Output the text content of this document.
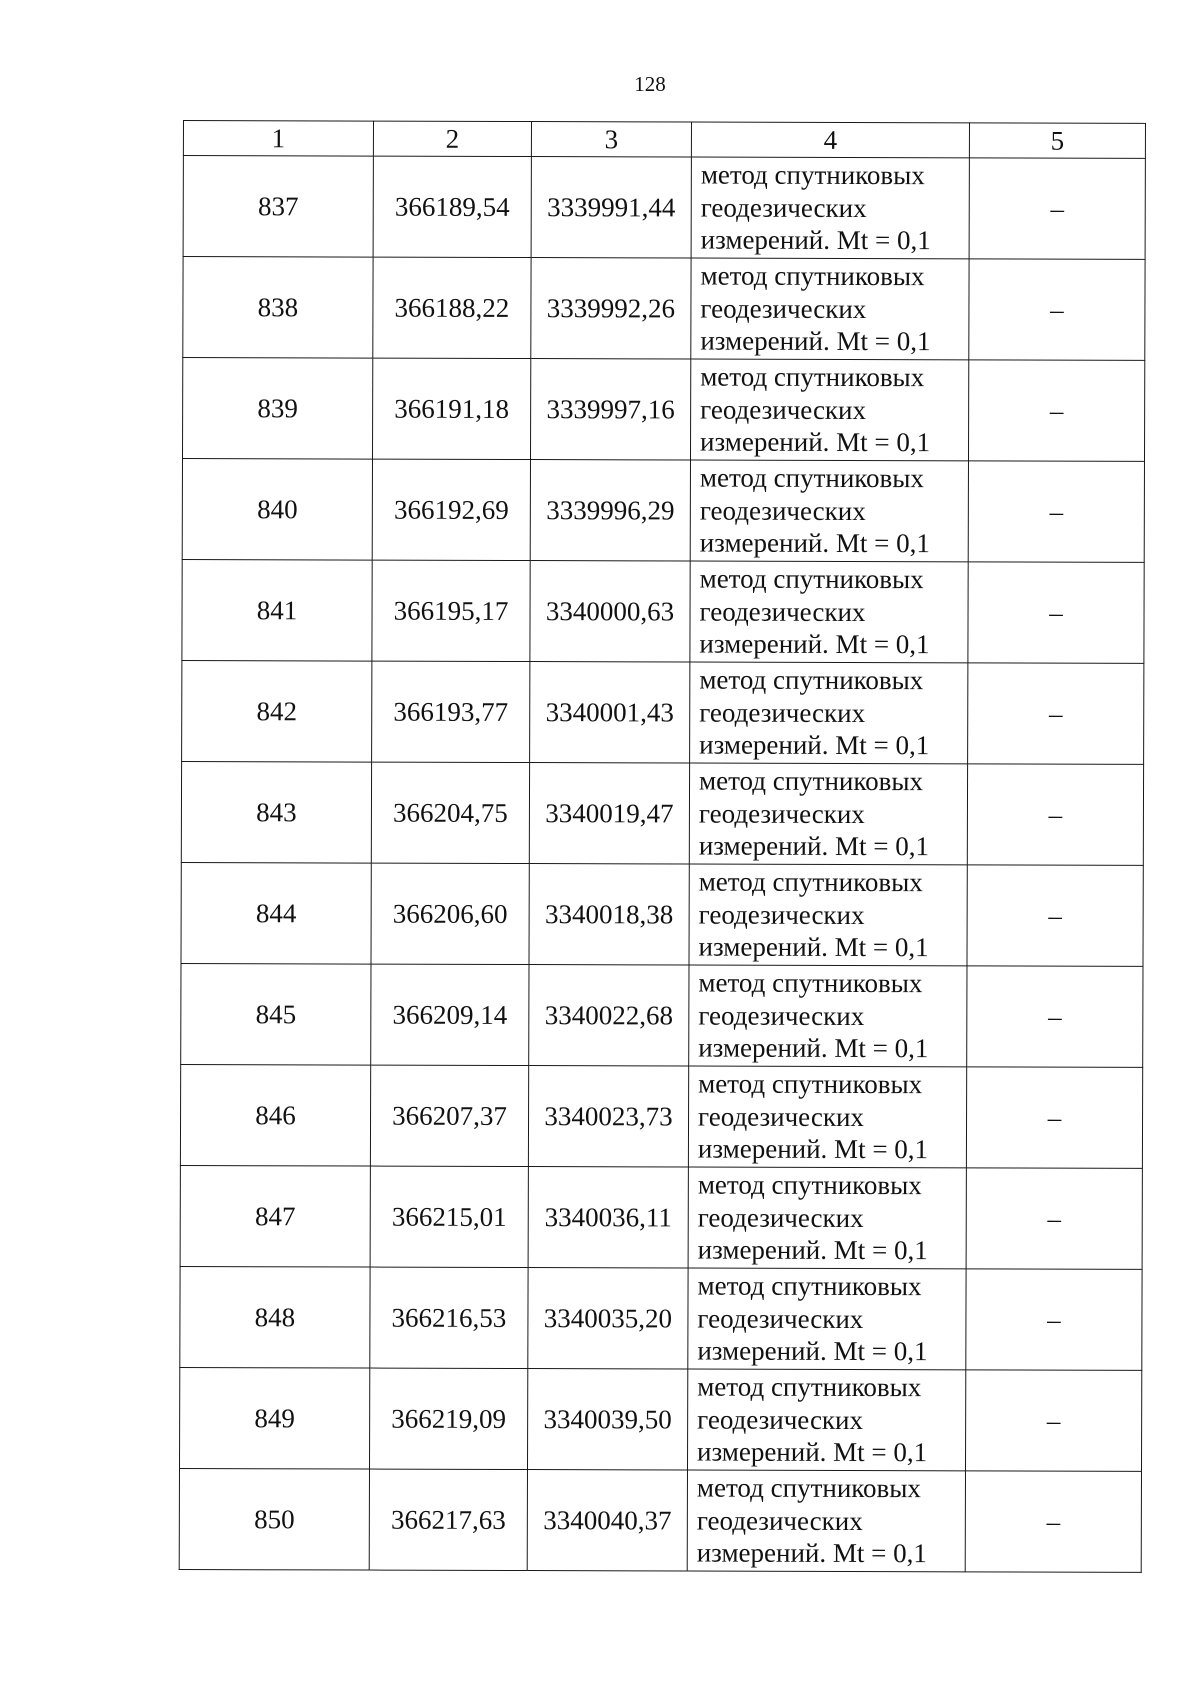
128
1	2	3	4	5
837	366189,54	3339991,44	метод спутниковых
геодезических
измерений. Mt = 0,1	–
838	366188,22	3339992,26	метод спутниковых
геодезических
измерений. Mt = 0,1	–
839	366191,18	3339997,16	метод спутниковых
геодезических
измерений. Mt = 0,1	–
840	366192,69	3339996,29	метод спутниковых
геодезических
измерений. Mt = 0,1	–
841	366195,17	3340000,63	метод спутниковых
геодезических
измерений. Mt = 0,1	–
842	366193,77	3340001,43	метод спутниковых
геодезических
измерений. Mt = 0,1	–
843	366204,75	3340019,47	метод спутниковых
геодезических
измерений. Mt = 0,1	–
844	366206,60	3340018,38	метод спутниковых
геодезических
измерений. Mt = 0,1	–
845	366209,14	3340022,68	метод спутниковых
геодезических
измерений. Mt = 0,1	–
846	366207,37	3340023,73	метод спутниковых
геодезических
измерений. Mt = 0,1	–
847	366215,01	3340036,11	метод спутниковых
геодезических
измерений. Mt = 0,1	–
848	366216,53	3340035,20	метод спутниковых
геодезических
измерений. Mt = 0,1	–
849	366219,09	3340039,50	метод спутниковых
геодезических
измерений. Mt = 0,1	–
850	366217,63	3340040,37	метод спутниковых
геодезических
измерений. Mt = 0,1	–
